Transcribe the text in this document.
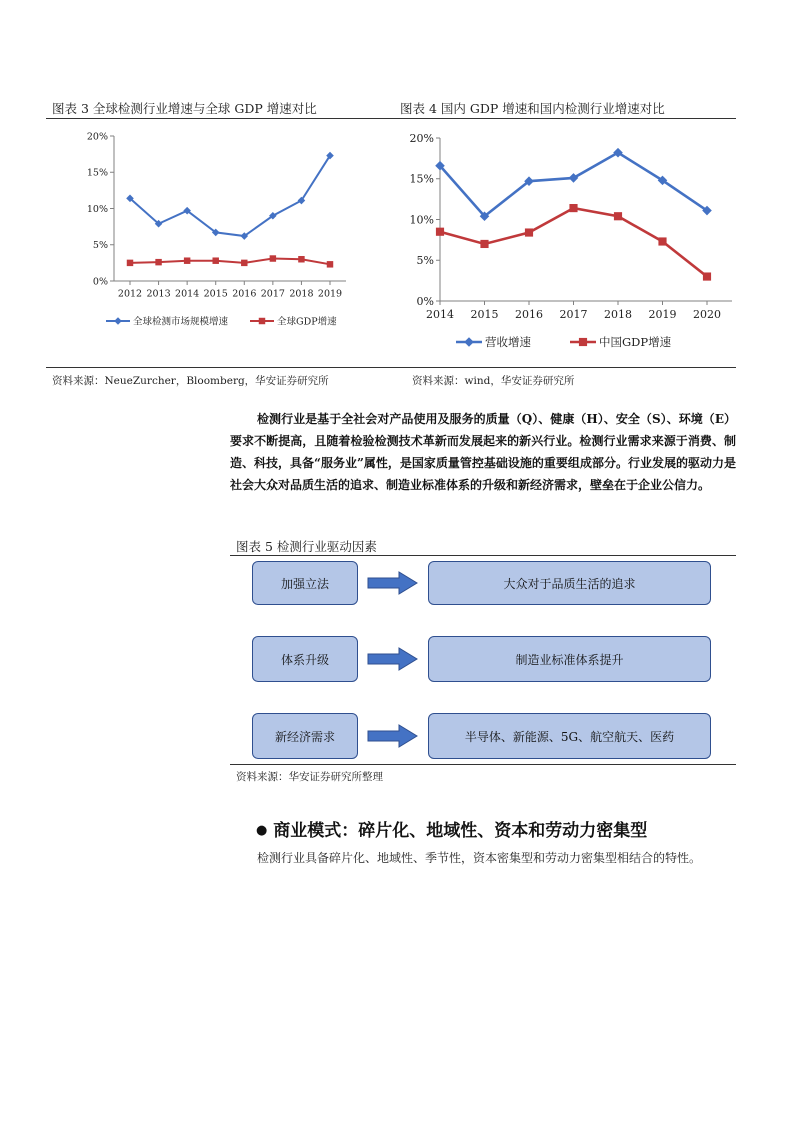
图表 3 全球检测行业增速与全球 GDP 增速对比	图表 4 国内 GDP 增速和国内检测行业增速对比
0%
5%
10%
15%
20%
2012 2013 2014 2015 2016 2017 2018 2019
全球检测市场规模增速	全球GDP增速
0%
5%
10%
15%
20%
2014 2015 2016 2017 2018 2019 2020
营收增速	中国GDP增速
资料来源：NeueZurcher，Bloomberg，华安证券研究所	资料来源：wind，华安证券研究所
检测行业是基于全社会对产品使用及服务的质量（Q）、健康（H）、安全（S）、环境（E）要求不断提高，且随着检验检测技术革新而发展起来的新兴行业。检测行业需求来源于消费、制造、科技，具备“服务业”属性，是国家质量管控基础设施的重要组成部分。行业发展的驱动力是社会大众对品质生活的追求、制造业标准体系的升级和新经济需求，壁垒在于企业公信力。
图表 5 检测行业驱动因素
加强立法	大众对于品质生活的追求
体系升级	制造业标准体系提升
新经济需求	半导体、新能源、5G、航空航天、医药
资料来源：华安证券研究所整理
● 商业模式：碎片化、地域性、资本和劳动力密集型
检测行业具备碎片化、地域性、季节性，资本密集型和劳动力密集型相结合的特性。
